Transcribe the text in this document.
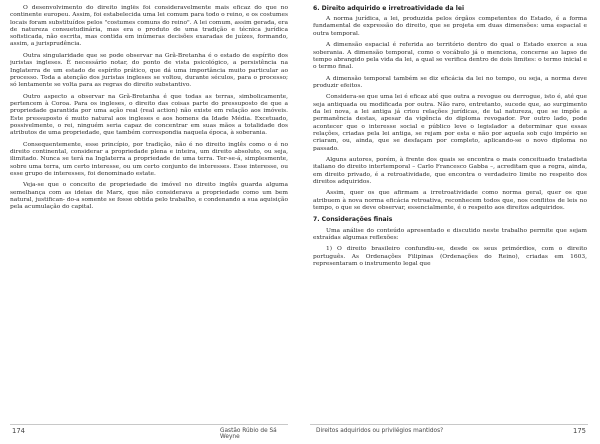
O desenvolvimento do direito inglês foi consideravelmente mais eficaz do que no continente europeu. Assim, foi estabelecida uma lei comum para todo o reino, e os costumes locais foram substituídos pelos "costumes comuns do reino". A lei comum, assim gerada, era de natureza consuetudinária, mas era o produto de uma tradição e técnica jurídica sofisticada, não escrita, mas contida em inúmeras decisões exaradas de juízes, formando, assim, a jurisprudência.

Outra singularidade que se pode observar na Grã-Bretanha é o estado de espírito dos juristas ingleses. É necessário notar, do ponto de vista psicológico, a persistência na Inglaterra de um estado de espírito prático, que dá uma importância muito particular ao processo. Toda a atenção dos juristas ingleses se voltou, durante séculos, para o processo; só lentamente se volta para as regras do direito substantivo.

Outro aspecto a observar na Grã-Bretanha é que todas as terras, simbolicamente, pertencem à Coroa. Para os ingleses, o direito das coisas parte do pressuposto de que a propriedade garantida por uma ação real (real action) não existe em relação aos imóveis. Este pressuposto é muito natural aos ingleses e aos homens da Idade Média. Excetuado, possivelmente, o rei, ninguém seria capaz de concentrar em suas mãos a totalidade dos atributos de uma propriedade, que também correspondia naquela época, à soberania.

Consequentemente, esse princípio, por tradição, não é no direito inglês como o é no direito continental, considerar a propriedade plena e inteira, um direito absoluto, ou seja, ilimitado. Nunca se terá na Inglaterra a propriedade de uma terra. Ter-se-á, simplesmente, sobre uma terra, um certo interesse, ou um certo conjunto de interesses. Esse interesse, ou esse grupo de interesses, foi denominado estate.

Veja-se que o conceito de propriedade de imóvel no direito inglês guarda alguma semelhança com as ideias de Marx, que não considerava a propriedade como um bem natural, justifican- do-a somente se fosse obtida pelo trabalho, e condenando a sua aquisição pela acumulação do capital.

174	Gastão Rúbio de Sá Weyne
6. Direito adquirido e irretroatividade da lei

A norma jurídica, a lei, produzida pelos órgãos competentes do Estado, é a forma fundamental de expressão do direito, que se projeta em duas dimensões: uma espacial e outra temporal.

A dimensão espacial é referida ao território dentro do qual o Estado exerce a sua soberania. A dimensão temporal, como o vocábulo já o menciona, concerne ao lapso de tempo abrangido pela vida da lei, a qual se verifica dentro de dois limites: o termo inicial e o termo final.

A dimensão temporal também se diz eficácia da lei no tempo, ou seja, a norma deve produzir efeitos.

Considera-se que uma lei é eficaz até que outra a revogue ou derrogue, isto é, até que seja antiquada ou modificada por outra. Não raro, entretanto, sucede que, ao surgimento da lei nova, a lei antiga já criou relações jurídicas, de tal natureza, que se impõe a permanência destas, apesar da vigência do diploma revogador. Por outro lado, pode acontecer que o interesse social e público leve o legislador a determinar que essas relações, criadas pela lei antiga, se rejam por esta e não por aquela sob cujo império se criaram, ou, ainda, que se desfaçam por completo, aplicando-se o novo diploma no passado.

Alguns autores, porém, à frente dos quais se encontra o mais conceituado tratadista italiano do direito intertemporal – Carlo Francesco Gabba –, acreditam que a regra, ainda, em direito privado, é a retroatividade, que encontra o verdadeiro limite no respeito dos direitos adquiridos.

Assim, quer os que afirmam a irretroatividade como norma geral, quer os que atribuem à nova norma eficácia retroativa, reconhecem todos que, nos conflitos de leis no tempo, o que se deve observar, essencialmente, é o respeito aos direitos adquiridos.

7. Considerações finais

Uma análise do conteúdo apresentado e discutido neste trabalho permite que sejam extraídas algumas reflexões:

1) O direito brasileiro confundiu-se, desde os seus primórdios, com o direito português. As Ordenações Filipinas (Ordenações do Reino), criadas em 1603, representaram o instrumento legal que

Direitos adquiridos ou privilégios mantidos?	175
